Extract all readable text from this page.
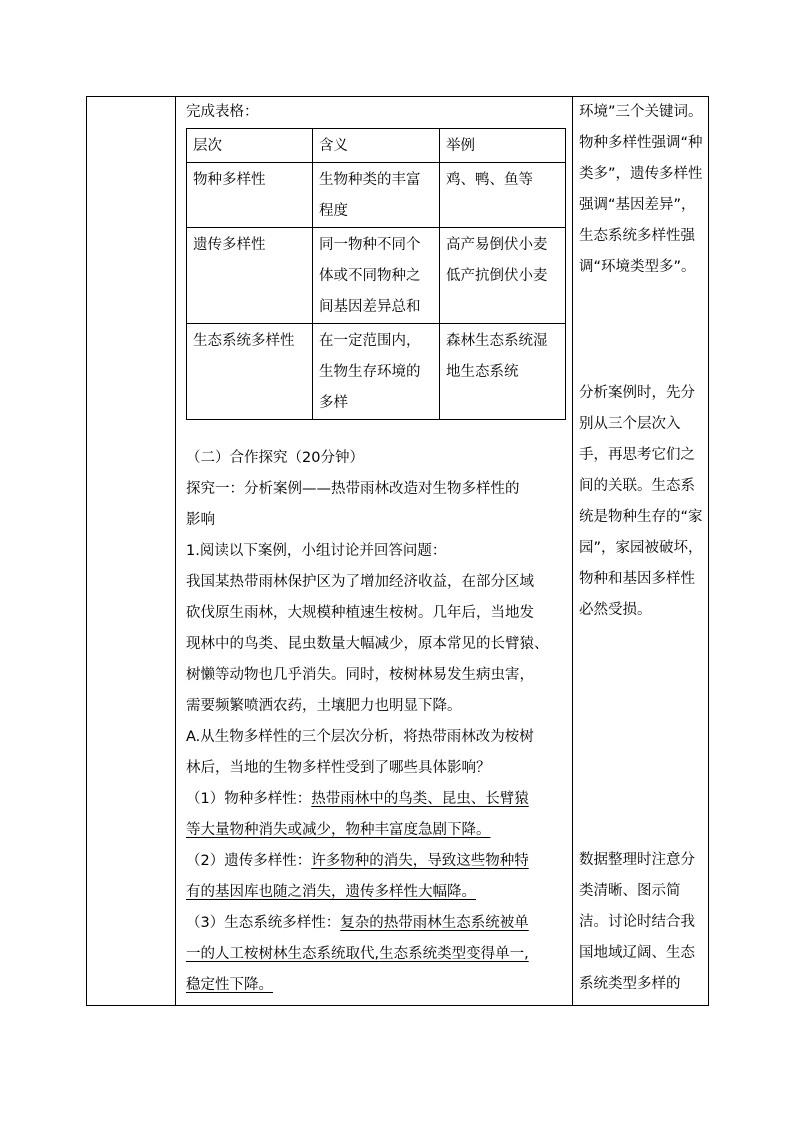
完成表格：
层次	含义	举例
物种多样性	生物种类的丰富程度	鸡、鸭、鱼等
遗传多样性	同一物种不同个体或不同物种之间基因差异总和	高产易倒伏小麦低产抗倒伏小麦
生态系统多样性	在一定范围内，生物生存环境的多样	森林生态系统湿地生态系统
（二）合作探究（20分钟）
探究一：分析案例——热带雨林改造对生物多样性的
影响
1.阅读以下案例，小组讨论并回答问题：
我国某热带雨林保护区为了增加经济收益，在部分区域
砍伐原生雨林，大规模种植速生桉树。几年后，当地发
现林中的鸟类、昆虫数量大幅减少，原本常见的长臂猿、
树懒等动物也几乎消失。同时，桉树林易发生病虫害，
需要频繁喷洒农药，土壤肥力也明显下降。
A.从生物多样性的三个层次分析，将热带雨林改为桉树
林后，当地的生物多样性受到了哪些具体影响？
（1）物种多样性：热带雨林中的鸟类、昆虫、长臂猿
等大量物种消失或减少，物种丰富度急剧下降。
（2）遗传多样性：许多物种的消失，导致这些物种特
有的基因库也随之消失，遗传多样性大幅降。
（3）生态系统多样性：复杂的热带雨林生态系统被单
一的人工桉树林生态系统取代,生态系统类型变得单一,
稳定性下降。
环境”三个关键词。物种多样性强调“种类多”，遗传多样性强调“基因差异”，生态系统多样性强调“环境类型多”。
分析案例时，先分别从三个层次入手，再思考它们之间的关联。生态系统是物种生存的“家园”，家园被破坏，物种和基因多样性必然受损。
数据整理时注意分类清晰、图示简洁。讨论时结合我国地域辽阔、生态系统类型多样的
